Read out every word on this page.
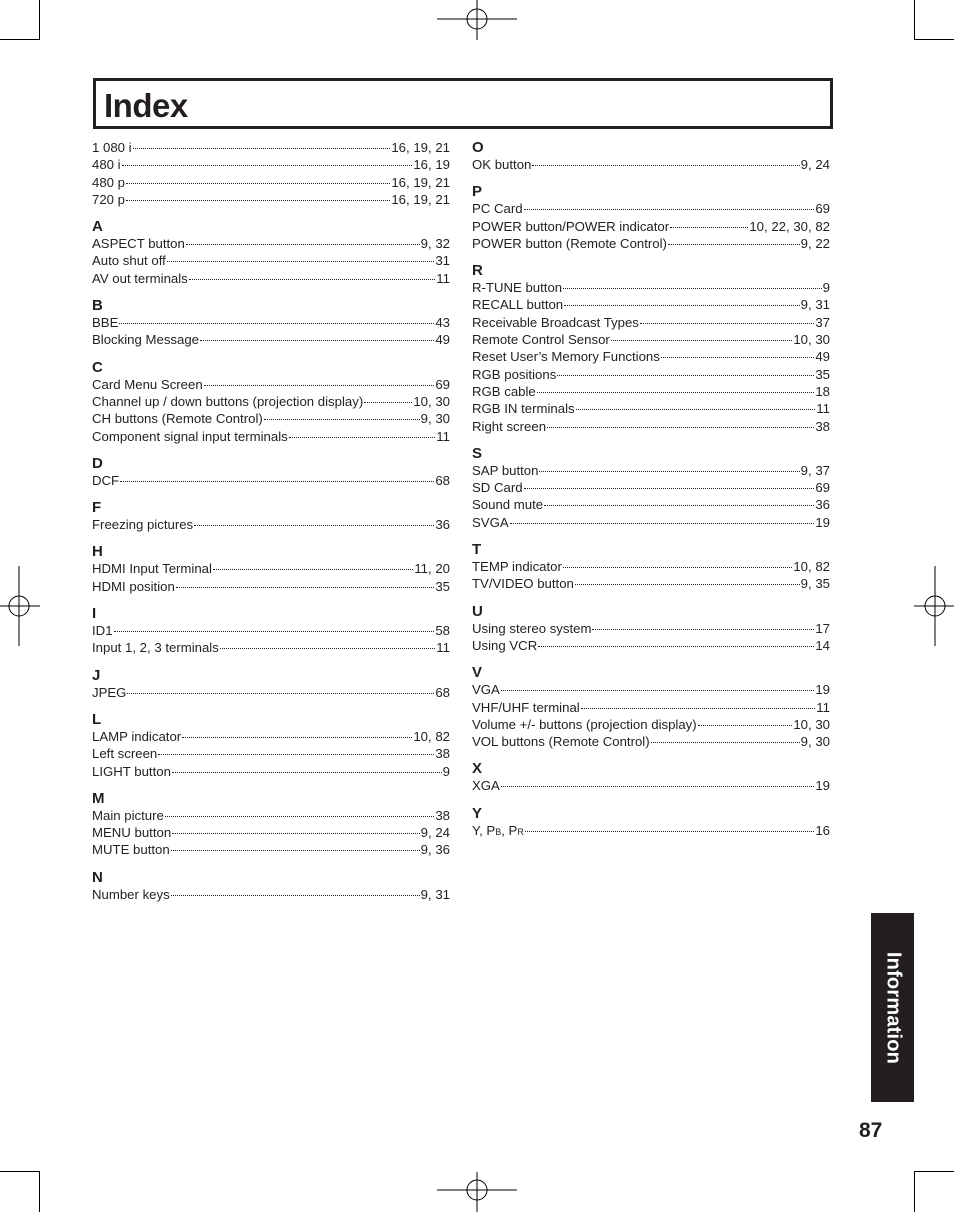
Index
1 080 i	16, 19, 21
480 i	16, 19
480 p	16, 19, 21
720 p	16, 19, 21
A
ASPECT button	9, 32
Auto shut off	31
AV out terminals	11
B
BBE	43
Blocking Message	49
C
Card Menu Screen	69
Channel up / down buttons (projection display)	10, 30
CH buttons (Remote Control)	9, 30
Component signal input terminals	11
D
DCF	68
F
Freezing pictures	36
H
HDMI Input Terminal	11, 20
HDMI position	35
I
ID1	58
Input 1, 2, 3 terminals	11
J
JPEG	68
L
LAMP indicator	10, 82
Left screen	38
LIGHT button	9
M
Main picture	38
MENU button	9, 24
MUTE button	9, 36
N
Number keys	9, 31
O
OK button	9, 24
P
PC Card	69
POWER button/POWER indicator	10, 22, 30, 82
POWER button (Remote Control)	9, 22
R
R-TUNE button	9
RECALL button	9, 31
Receivable Broadcast Types	37
Remote Control Sensor	10, 30
Reset User’s Memory Functions	49
RGB positions	35
RGB cable	18
RGB IN terminals	11
Right screen	38
S
SAP button	9, 37
SD Card	69
Sound mute	36
SVGA	19
T
TEMP indicator	10, 82
TV/VIDEO button	9, 35
U
Using stereo system	17
Using VCR	14
V
VGA	19
VHF/UHF terminal	11
Volume +/- buttons (projection display)	10, 30
VOL buttons (Remote Control)	9, 30
X
XGA	19
Y
Y, PB, PR	16
Information
87
